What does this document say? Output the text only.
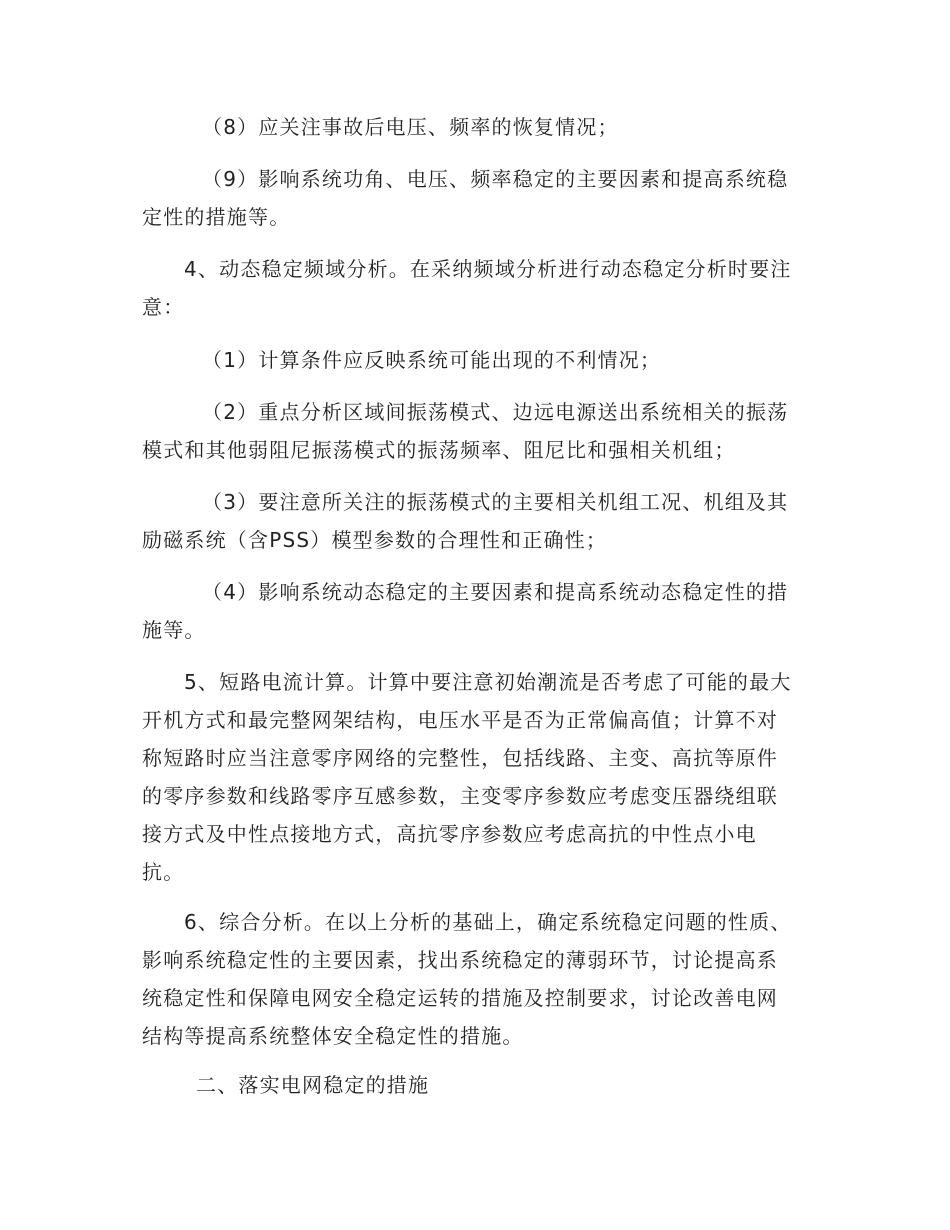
（8）应关注事故后电压、频率的恢复情况；

（9）影响系统功角、电压、频率稳定的主要因素和提高系统稳
定性的措施等。

4、动态稳定频域分析。在采纳频域分析进行动态稳定分析时要注
意：

（1）计算条件应反映系统可能出现的不利情况；

（2）重点分析区域间振荡模式、边远电源送出系统相关的振荡
模式和其他弱阻尼振荡模式的振荡频率、阻尼比和强相关机组；

（3）要注意所关注的振荡模式的主要相关机组工况、机组及其
励磁系统（含PSS）模型参数的合理性和正确性；

（4）影响系统动态稳定的主要因素和提高系统动态稳定性的措
施等。

5、短路电流计算。计算中要注意初始潮流是否考虑了可能的最大
开机方式和最完整网架结构，电压水平是否为正常偏高值；计算不对
称短路时应当注意零序网络的完整性，包括线路、主变、高抗等原件
的零序参数和线路零序互感参数，主变零序参数应考虑变压器绕组联
接方式及中性点接地方式，高抗零序参数应考虑高抗的中性点小电
抗。

6、综合分析。在以上分析的基础上，确定系统稳定问题的性质、
影响系统稳定性的主要因素，找出系统稳定的薄弱环节，讨论提高系
统稳定性和保障电网安全稳定运转的措施及控制要求，讨论改善电网
结构等提高系统整体安全稳定性的措施。

二、落实电网稳定的措施
